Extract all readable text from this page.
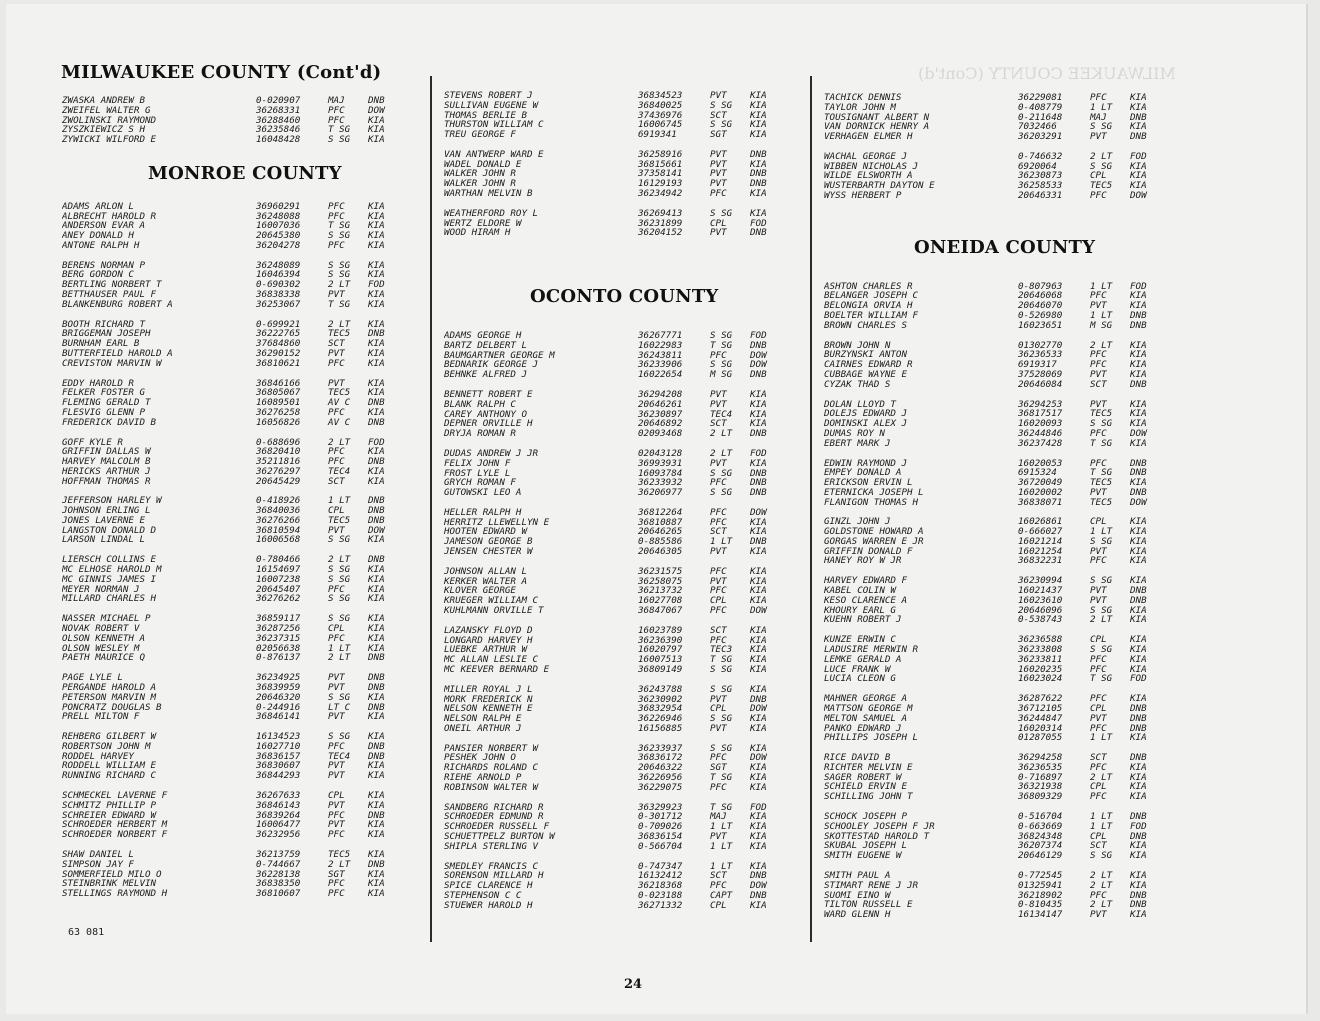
MILWAUKEE COUNTY (Cont'd)
MILWAUKEE COUNTY (Cont'd)
ZWASKA ANDREW B	0-020907	MAJ	DNB
ZWEIFEL WALTER G	36268331	PFC	DOW
ZWOLINSKI RAYMOND	36288460	PFC	KIA
ZYSZKIEWICZ S H	36235846	T SG	KIA
ZYWICKI WILFORD E	16048428	S SG	KIA
MONROE COUNTY
ADAMS ARLON L	36960291	PFC	KIA
ALBRECHT HAROLD R	36248088	PFC	KIA
ANDERSON EVAR A	16007036	T SG	KIA
ANEY DONALD H	20645380	S SG	KIA
ANTONE RALPH H	36204278	PFC	KIA
BERENS NORMAN P	36248089	S SG	KIA
BERG GORDON C	16046394	S SG	KIA
BERTLING NORBERT T	0-690302	2 LT	FOD
BETTHAUSER PAUL F	36838338	PVT	KIA
BLANKENBURG ROBERT A	36253067	T SG	KIA
BOOTH RICHARD T	0-699921	2 LT	KIA
BRIGGEMAN JOSEPH	36222765	TEC5	DNB
BURNHAM EARL B	37684860	SCT	KIA
BUTTERFIELD HAROLD A	36290152	PVT	KIA
CREVISTON MARVIN W	36810621	PFC	KIA
EDDY HAROLD R	36846166	PVT	KIA
FELKER FOSTER G	36805067	TEC5	KIA
FLEMING GERALD T	16089501	AV C	DNB
FLESVIG GLENN P	36276258	PFC	KIA
FREDERICK DAVID B	16056826	AV C	DNB
GOFF KYLE R	0-688696	2 LT	FOD
GRIFFIN DALLAS W	36820410	PFC	KIA
HARVEY MALCOLM B	35211816	PFC	DNB
HERICKS ARTHUR J	36276297	TEC4	KIA
HOFFMAN THOMAS R	20645429	SCT	KIA
JEFFERSON HARLEY W	0-418926	1 LT	DNB
JOHNSON ERLING L	36840036	CPL	DNB
JONES LAVERNE E	36276266	TEC5	DNB
LANGSTON DONALD D	36810594	PVT	DOW
LARSON LINDAL L	16006568	S SG	KIA
LIERSCH COLLINS E	0-780466	2 LT	DNB
MC ELHOSE HAROLD M	16154697	S SG	KIA
MC GINNIS JAMES I	16007238	S SG	KIA
MEYER NORMAN J	20645407	PFC	KIA
MILLARD CHARLES H	36276262	S SG	KIA
NASSER MICHAEL P	36859117	S SG	KIA
NOVAK ROBERT V	36287256	CPL	KIA
OLSON KENNETH A	36237315	PFC	KIA
OLSON WESLEY M	02056638	1 LT	KIA
PAETH MAURICE Q	0-876137	2 LT	DNB
PAGE LYLE L	36234925	PVT	DNB
PERGANDE HAROLD A	36839959	PVT	DNB
PETERSON MARVIN M	20646320	S SG	KIA
PONCRATZ DOUGLAS B	0-244916	LT C	DNB
PRELL MILTON F	36846141	PVT	KIA
REHBERG GILBERT W	16134523	S SG	KIA
ROBERTSON JOHN M	16027710	PFC	DNB
RODDEL HARVEY	36836157	TEC4	DNB
RODDELL WILLIAM E	36830607	PVT	KIA
RUNNING RICHARD C	36844293	PVT	KIA
SCHMECKEL LAVERNE F	36267633	CPL	KIA
SCHMITZ PHILLIP P	36846143	PVT	KIA
SCHREIER EDWARD W	36839264	PFC	DNB
SCHROEDER HERBERT M	16006477	PVT	KIA
SCHROEDER NORBERT F	36232956	PFC	KIA
SHAW DANIEL L	36213759	TEC5	KIA
SIMPSON JAY F	0-744667	2 LT	DNB
SOMMERFIELD MILO O	36228138	SGT	KIA
STEINBRINK MELVIN	36838350	PFC	KIA
STELLINGS RAYMOND H	36810607	PFC	KIA
STEVENS ROBERT J	36834523	PVT	KIA
SULLIVAN EUGENE W	36840025	S SG	KIA
THOMAS BERLIE B	37436976	SCT	KIA
THURSTON WILLIAM C	16006745	S SG	KIA
TREU GEORGE F	6919341	SGT	KIA
VAN ANTWERP WARD E	36258916	PVT	DNB
WADEL DONALD E	36815661	PVT	KIA
WALKER JOHN R	37358141	PVT	DNB
WALKER JOHN R	16129193	PVT	DNB
WARTHAN MELVIN B	36234942	PFC	KIA
WEATHERFORD ROY L	36269413	S SG	KIA
WERTZ ELDORE W	36231899	CPL	FOD
WOOD HIRAM H	36204152	PVT	DNB
OCONTO COUNTY
ADAMS GEORGE H	36267771	S SG	FOD
BARTZ DELBERT L	16022983	T SG	DNB
BAUMGARTNER GEORGE M	36243811	PFC	DOW
BEDNARIK GEORGE J	36233906	S SG	DOW
BEHNKE ALFRED J	16022654	M SG	DNB
BENNETT ROBERT E	36294208	PVT	KIA
BLANK RALPH C	20646261	PVT	KIA
CAREY ANTHONY O	36230897	TEC4	KIA
DEPNER ORVILLE H	20646892	SCT	KIA
DRYJA ROMAN R	02093468	2 LT	DNB
DUDAS ANDREW J JR	02043128	2 LT	FOD
FELIX JOHN F	36993931	PVT	KIA
FROST LYLE L	16093784	S SG	DNB
GRYCH ROMAN F	36233932	PFC	DNB
GUTOWSKI LEO A	36206977	S SG	DNB
HELLER RALPH H	36812264	PFC	DOW
HERRITZ LLEWELLYN E	36810887	PFC	KIA
HOOTEN EDWARD W	20646265	SCT	KIA
JAMESON GEORGE B	0-885586	1 LT	DNB
JENSEN CHESTER W	20646305	PVT	KIA
JOHNSON ALLAN L	36231575	PFC	KIA
KERKER WALTER A	36258075	PVT	KIA
KLOVER GEORGE	36213732	PFC	KIA
KRUEGER WILLIAM C	16027708	CPL	KIA
KUHLMANN ORVILLE T	36847067	PFC	DOW
LAZANSKY FLOYD D	16023789	SCT	KIA
LONGARD HARVEY H	36236390	PFC	KIA
LUEBKE ARTHUR W	16020797	TEC3	KIA
MC ALLAN LESLIE C	16007513	T SG	KIA
MC KEEVER BERNARD E	36809149	S SG	KIA
MILLER ROYAL J L	36243788	S SG	KIA
MORK FREDERICK N	36230902	PVT	DNB
NELSON KENNETH E	36832954	CPL	DOW
NELSON RALPH E	36226946	S SG	KIA
ONEIL ARTHUR J	16156885	PVT	KIA
PANSIER NORBERT W	36233937	S SG	KIA
PESHEK JOHN O	36836172	PFC	DOW
RICHARDS ROLAND C	20646322	SGT	KIA
RIEHE ARNOLD P	36226956	T SG	KIA
ROBINSON WALTER W	36229075	PFC	KIA
SANDBERG RICHARD R	36329923	T SG	FOD
SCHROEDER EDMUND R	0-301712	MAJ	KIA
SCHROEDER RUSSELL F	0-709026	1 LT	KIA
SCHUETTPELZ BURTON W	36836154	PVT	KIA
SHIPLA STERLING V	0-566704	1 LT	KIA
SMEDLEY FRANCIS C	0-747347	1 LT	KIA
SORENSON MILLARD H	16132412	SCT	DNB
SPICE CLARENCE H	36218368	PFC	DOW
STEPHENSON C C	0-023188	CAPT	DNB
STUEWER HAROLD H	36271332	CPL	KIA
TACHICK DENNIS	36229081	PFC	KIA
TAYLOR JOHN M	0-408779	1 LT	KIA
TOUSIGNANT ALBERT N	0-211648	MAJ	DNB
VAN DORNICK HENRY A	7032466	S SG	KIA
VERHAGEN ELMER H	36203291	PVT	DNB
WACHAL GEORGE J	0-746632	2 LT	FOD
WIBBEN NICHOLAS J	6920064	S SG	KIA
WILDE ELSWORTH A	36230873	CPL	KIA
WUSTERBARTH DAYTON E	36258533	TEC5	KIA
WYSS HERBERT P	20646331	PFC	DOW
ONEIDA COUNTY
ASHTON CHARLES R	0-807963	1 LT	FOD
BELANGER JOSEPH C	20646068	PFC	KIA
BELONGIA ORVIA H	20646070	PVT	KIA
BOELTER WILLIAM F	0-526980	1 LT	DNB
BROWN CHARLES S	16023651	M SG	DNB
BROWN JOHN N	01302770	2 LT	KIA
BURZYNSKI ANTON	36236533	PFC	KIA
CAIRNES EDWARD R	6919317	PFC	KIA
CUBBAGE WAYNE E	37528069	PVT	KIA
CYZAK THAD S	20646084	SCT	DNB
DOLAN LLOYD T	36294253	PVT	KIA
DOLEJS EDWARD J	36817517	TEC5	KIA
DOMINSKI ALEX J	16020093	S SG	KIA
DUMAS ROY N	36244846	PFC	DOW
EBERT MARK J	36237428	T SG	KIA
EDWIN RAYMOND J	16020053	PFC	DNB
EMPEY DONALD A	6915324	T SG	DNB
ERICKSON ERVIN L	36720049	TEC5	KIA
ETERNICKA JOSEPH L	16020002	PVT	DNB
FLANIGON THOMAS H	36838071	TEC5	DOW
GINZL JOHN J	16026861	CPL	KIA
GOLDSTONE HOWARD A	0-666027	1 LT	KIA
GORGAS WARREN E JR	16021214	S SG	KIA
GRIFFIN DONALD F	16021254	PVT	KIA
HANEY ROY W JR	36832231	PFC	KIA
HARVEY EDWARD F	36230994	S SG	KIA
KABEL COLIN W	16021437	PVT	DNB
KESO CLARENCE A	16023610	PVT	DNB
KHOURY EARL G	20646096	S SG	KIA
KUEHN ROBERT J	0-538743	2 LT	KIA
KUNZE ERWIN C	36236588	CPL	KIA
LADUSIRE MERWIN R	36233808	S SG	KIA
LEMKE GERALD A	36233811	PFC	KIA
LUCE FRANK W	16020235	PFC	KIA
LUCIA CLEON G	16023024	T SG	FOD
MAHNER GEORGE A	36287622	PFC	KIA
MATTSON GEORGE M	36712105	CPL	DNB
MELTON SAMUEL A	36244847	PVT	DNB
PANKO EDWARD J	16020314	PFC	DNB
PHILLIPS JOSEPH L	01287055	1 LT	KIA
RICE DAVID B	36294258	SCT	DNB
RICHTER MELVIN E	36236535	PFC	KIA
SAGER ROBERT W	0-716897	2 LT	KIA
SCHIELD ERVIN E	36321938	CPL	KIA
SCHILLING JOHN T	36809329	PFC	KIA
SCHOCK JOSEPH P	0-516704	1 LT	DNB
SCHOOLEY JOSEPH F JR	0-663669	1 LT	FOD
SKOTTESTAD HAROLD T	36824348	CPL	DNB
SKUBAL JOSEPH L	36207374	SCT	KIA
SMITH EUGENE W	20646129	S SG	KIA
SMITH PAUL A	0-772545	2 LT	KIA
STIMART RENE J JR	01325941	2 LT	KIA
SUOMI EINO W	36218902	PFC	DNB
TILTON RUSSELL E	0-810435	2 LT	DNB
WARD GLENN H	16134147	PVT	KIA
63 081
24
